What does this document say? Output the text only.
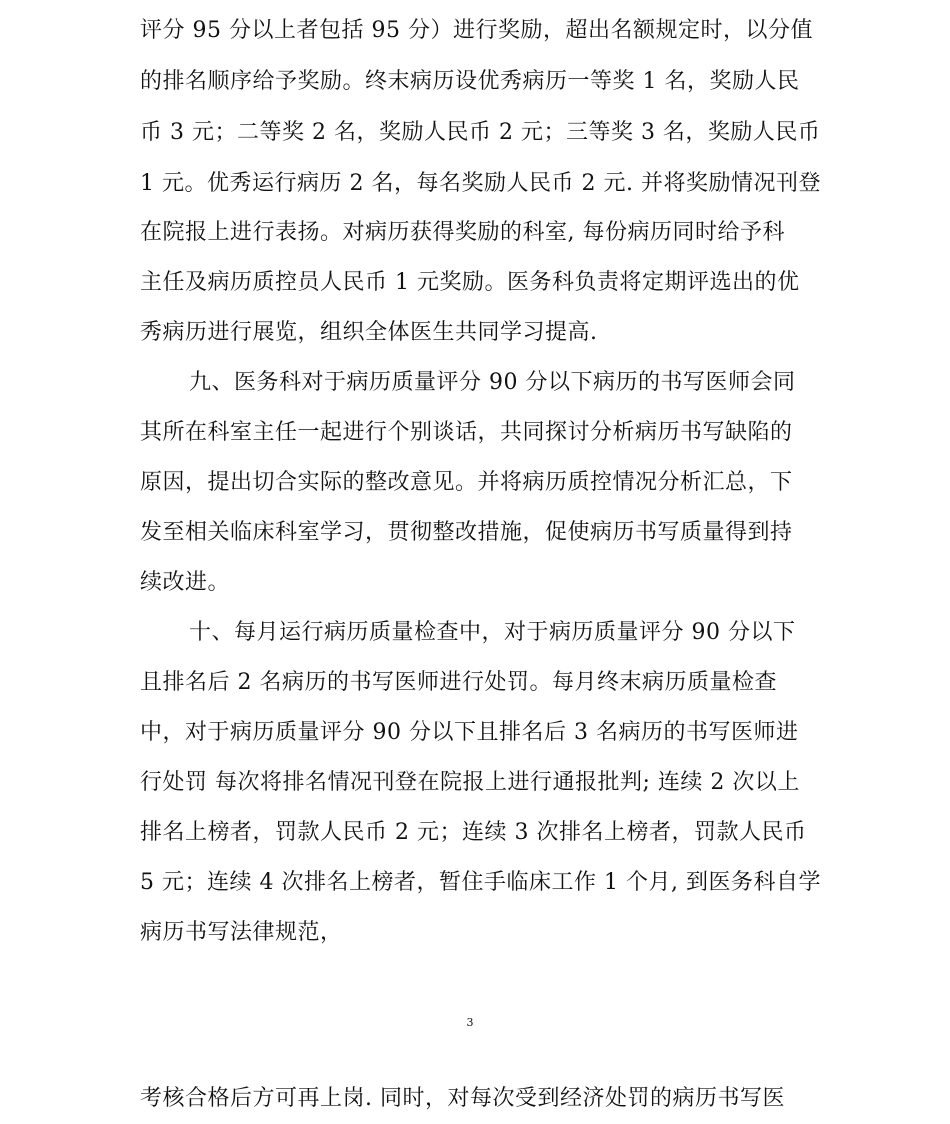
评分 95 分以上者包括 95 分）进行奖励，超出名额规定时，以分值
的排名顺序给予奖励。终末病历设优秀病历一等奖 1 名，奖励人民
币 3 元；二等奖 2 名，奖励人民币 2 元；三等奖 3 名，奖励人民币
1 元。优秀运行病历 2 名，每名奖励人民币 2 元. 并将奖励情况刊登
在院报上进行表扬。对病历获得奖励的科室, 每份病历同时给予科
主任及病历质控员人民币 1 元奖励。医务科负责将定期评选出的优
秀病历进行展览，组织全体医生共同学习提高.
九、医务科对于病历质量评分 90 分以下病历的书写医师会同
其所在科室主任一起进行个别谈话，共同探讨分析病历书写缺陷的
原因，提出切合实际的整改意见。并将病历质控情况分析汇总，下
发至相关临床科室学习，贯彻整改措施，促使病历书写质量得到持
续改进。
十、每月运行病历质量检查中，对于病历质量评分 90 分以下
且排名后 2 名病历的书写医师进行处罚。每月终末病历质量检查
中，对于病历质量评分 90 分以下且排名后 3 名病历的书写医师进
行处罚 每次将排名情况刊登在院报上进行通报批判; 连续 2 次以上
排名上榜者，罚款人民币 2 元；连续 3 次排名上榜者，罚款人民币
5 元；连续 4 次排名上榜者，暂住手临床工作 1 个月, 到医务科自学
病历书写法律规范，
3
考核合格后方可再上岗. 同时，对每次受到经济处罚的病历书写医
